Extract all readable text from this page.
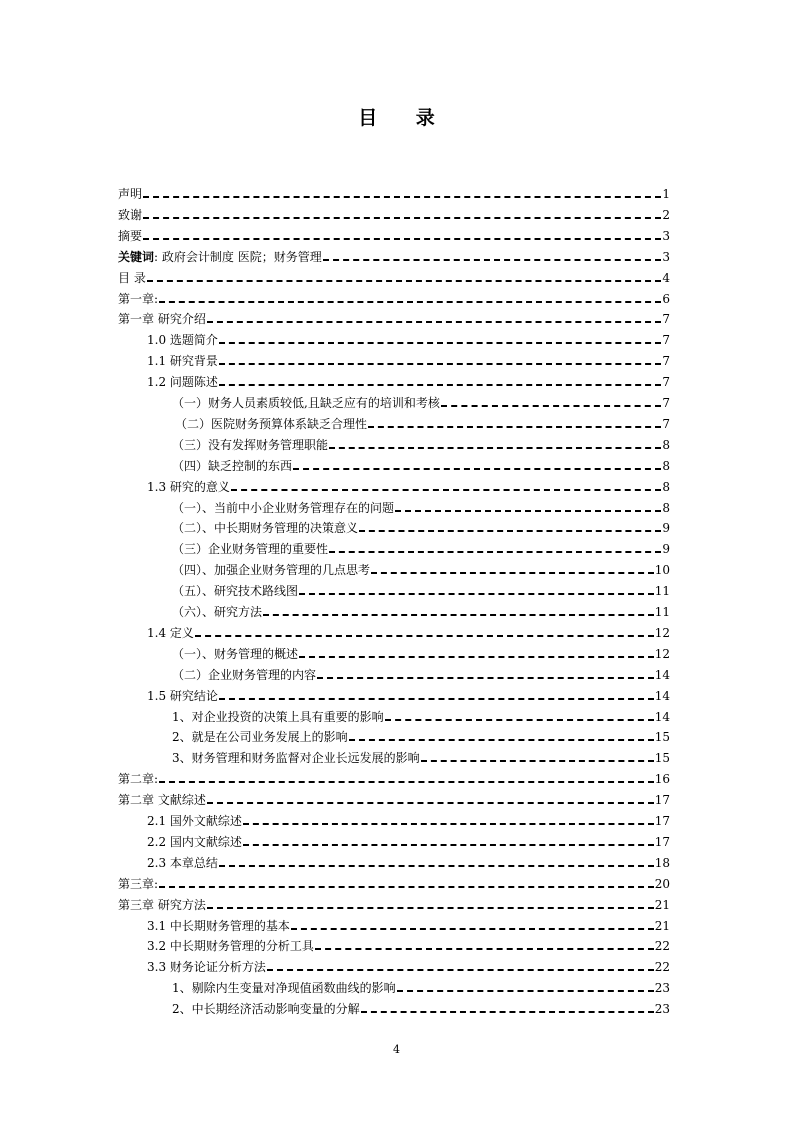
目 录
声明	1
致谢	2
摘要	3
关键词: 政府会计制度 医院；财务管理	3
目 录	4
第一章:	6
第一章 研究介绍	7
1.0 选题简介	7
1.1 研究背景	7
1.2 问题陈述	7
（一）财务人员素质较低,且缺乏应有的培训和考核	7
（二）医院财务预算体系缺乏合理性	7
（三）没有发挥财务管理职能	8
（四）缺乏控制的东西	8
1.3 研究的意义	8
（一）、当前中小企业财务管理存在的问题	8
（二）、中长期财务管理的决策意义	9
（三）企业财务管理的重要性	9
（四）、加强企业财务管理的几点思考	10
（五）、研究技术路线图	11
（六）、研究方法	11
1.4 定义	12
（一）、财务管理的概述	12
（二）企业财务管理的内容	14
1.5 研究结论	14
1、对企业投资的决策上具有重要的影响	14
2、就是在公司业务发展上的影响	15
3、财务管理和财务监督对企业长远发展的影响	15
第二章:	16
第二章 文献综述	17
2.1 国外文献综述	17
2.2 国内文献综述	17
2.3 本章总结	18
第三章:	20
第三章 研究方法	21
3.1 中长期财务管理的基本	21
3.2 中长期财务管理的分析工具	22
3.3 财务论证分析方法	22
1、剔除内生变量对净现值函数曲线的影响	23
2、中长期经济活动影响变量的分解	23
4
